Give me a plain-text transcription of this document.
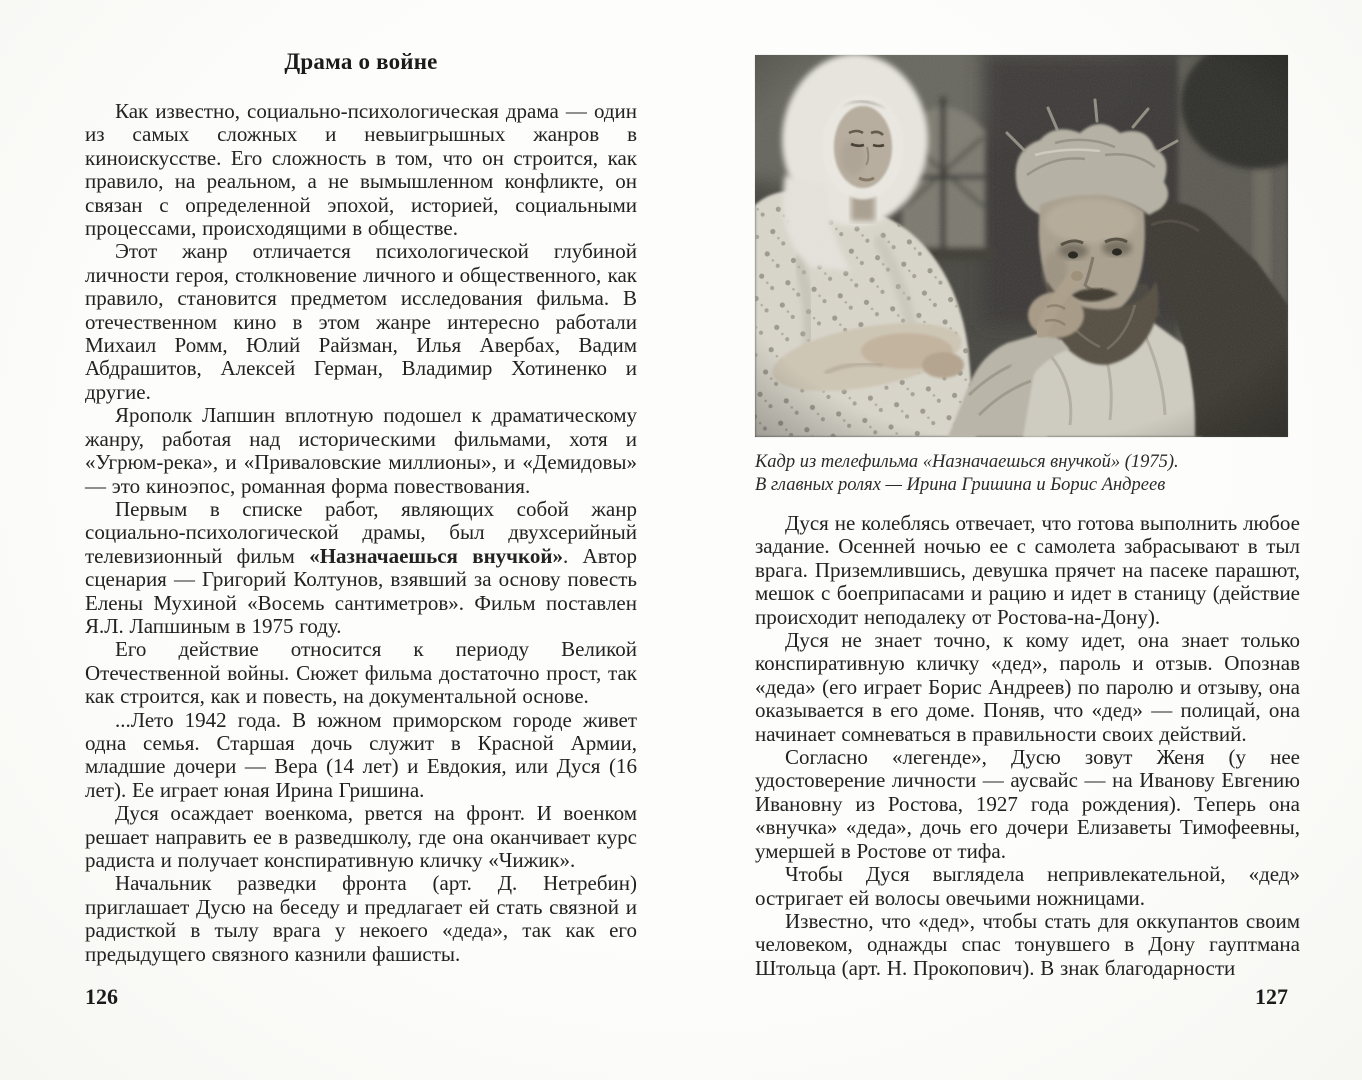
Драма о войне

Как известно, социально-психологическая драма — один из самых сложных и невыигрышных жанров в киноискусстве. Его сложность в том, что он строится, как правило, на реальном, а не вымышленном конфликте, он связан с определенной эпохой, историей, социальными процессами, происходящими в обществе.

Этот жанр отличается психологической глубиной личности героя, столкновение личного и общественного, как правило, становится предметом исследования фильма. В отечественном кино в этом жанре интересно работали Михаил Ромм, Юлий Райзман, Илья Авербах, Вадим Абдрашитов, Алексей Герман, Владимир Хотиненко и другие.

Ярополк Лапшин вплотную подошел к драматическому жанру, работая над историческими фильмами, хотя и «Угрюм-река», и «Приваловские миллионы», и «Демидовы» — это киноэпос, романная форма повествования.

Первым в списке работ, являющих собой жанр социально-психологической драмы, был двухсерийный телевизионный фильм «Назначаешься внучкой». Автор сценария — Григорий Колтунов, взявший за основу повесть Елены Мухиной «Восемь сантиметров». Фильм поставлен Я.Л. Лапшиным в 1975 году.

Его действие относится к периоду Великой Отечественной войны. Сюжет фильма достаточно прост, так как строится, как и повесть, на документальной основе.

...Лето 1942 года. В южном приморском городе живет одна семья. Старшая дочь служит в Красной Армии, младшие дочери — Вера (14 лет) и Евдокия, или Дуся (16 лет). Ее играет юная Ирина Гришина.

Дуся осаждает военкома, рвется на фронт. И военком решает направить ее в разведшколу, где она оканчивает курс радиста и получает конспиративную кличку «Чижик».

Начальник разведки фронта (арт. Д. Нетребин) приглашает Дусю на беседу и предлагает ей стать связной и радисткой в тылу врага у некоего «деда», так как его предыдущего связного казнили фашисты.

126
Кадр из телефильма «Назначаешься внучкой» (1975).
В главных ролях — Ирина Гришина и Борис Андреев

Дуся не колеблясь отвечает, что готова выполнить любое задание. Осенней ночью ее с самолета забрасывают в тыл врага. Приземлившись, девушка прячет на пасеке парашют, мешок с боеприпасами и рацию и идет в станицу (действие происходит неподалеку от Ростова-на-Дону).

Дуся не знает точно, к кому идет, она знает только конспиративную кличку «дед», пароль и отзыв. Опознав «деда» (его играет Борис Андреев) по паролю и отзыву, она оказывается в его доме. Поняв, что «дед» — полицай, она начинает сомневаться в правильности своих действий.

Согласно «легенде», Дусю зовут Женя (у нее удостоверение личности — аусвайс — на Иванову Евгению Ивановну из Ростова, 1927 года рождения). Теперь она «внучка» «деда», дочь его дочери Елизаветы Тимофеевны, умершей в Ростове от тифа.

Чтобы Дуся выглядела непривлекательной, «дед» остригает ей волосы овечьими ножницами.

Известно, что «дед», чтобы стать для оккупантов своим человеком, однажды спас тонувшего в Дону гауптмана Штольца (арт. Н. Прокопович). В знак благодарности

127
